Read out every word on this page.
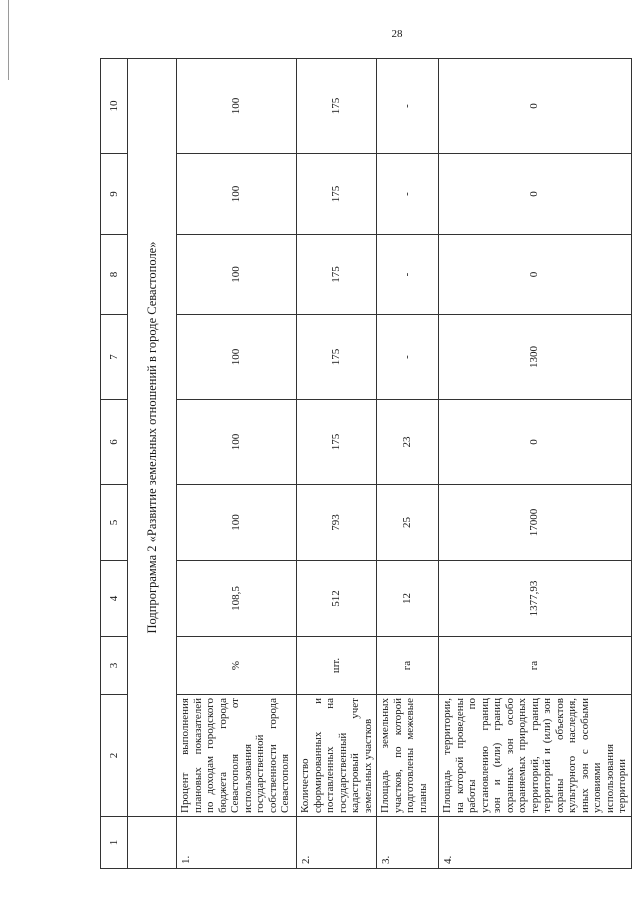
28
1	2	3	4	5	6	7	8	9	10
	Подпрограмма 2 «Развитие земельных отношений в городе Севастополе»								
1.	Процент выполнения плановых показателей по доходам городского бюджета города Севастополя от использования государственной собственности города Севастополя	%	108,5	100	100	100	100	100	100
2.	Количество сформированных и поставленных на государственный кадастровый учет земельных участков	шт.	512	793	175	175	175	175	175
3.	Площадь земельных участков, по которой подготовлены межевые планы	га	12	25	23	-	-	-	-
4.	Площадь территории, на которой проведены работы по установлению границ зон и (или) границ охранных зон особо охраняемых природных территорий, границ территорий и (или) зон охраны объектов культурного наследия, иных зон с особыми условиями использования территории	га	1377,93	17000	0	1300	0	0	0
